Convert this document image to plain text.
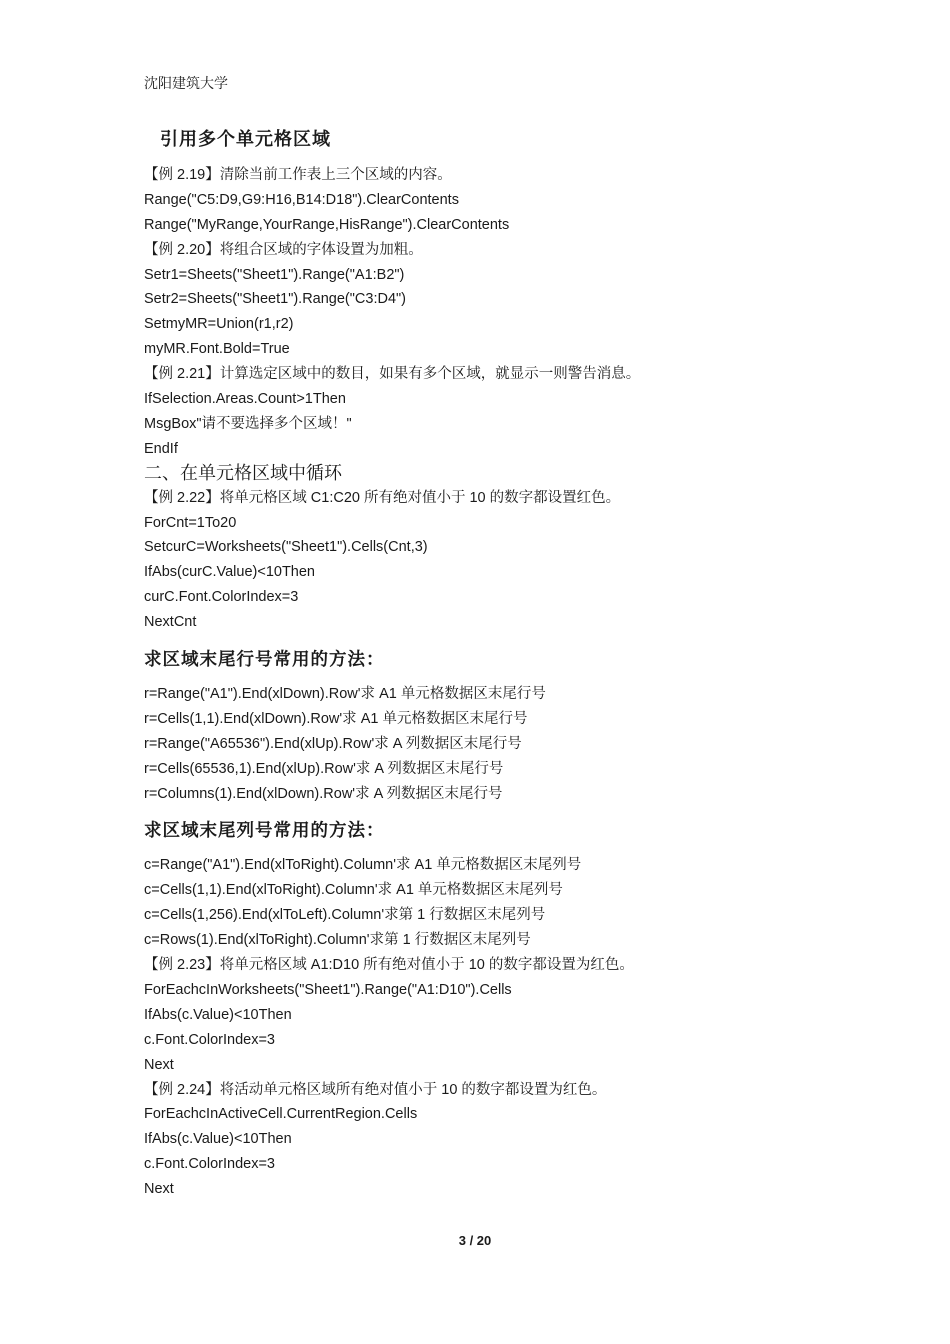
沈阳建筑大学
引用多个单元格区域
【例 2.19】清除当前工作表上三个区域的内容。
Range("C5:D9,G9:H16,B14:D18").ClearContents
Range("MyRange,YourRange,HisRange").ClearContents
【例 2.20】将组合区域的字体设置为加粗。
Setr1=Sheets("Sheet1").Range("A1:B2")
Setr2=Sheets("Sheet1").Range("C3:D4")
SetmyMR=Union(r1,r2)
myMR.Font.Bold=True
【例 2.21】计算选定区域中的数目，如果有多个区域，就显示一则警告消息。
IfSelection.Areas.Count>1Then
MsgBox"请不要选择多个区域！"
EndIf
二、在单元格区域中循环
【例 2.22】将单元格区域 C1:C20 所有绝对值小于 10 的数字都设置红色。
ForCnt=1To20
SetcurC=Worksheets("Sheet1").Cells(Cnt,3)
IfAbs(curC.Value)<10Then
curC.Font.ColorIndex=3
NextCnt
求区域末尾行号常用的方法：
r=Range("A1").End(xlDown).Row'求 A1 单元格数据区末尾行号
r=Cells(1,1).End(xlDown).Row'求 A1 单元格数据区末尾行号
r=Range("A65536").End(xlUp).Row'求 A 列数据区末尾行号
r=Cells(65536,1).End(xlUp).Row'求 A 列数据区末尾行号
r=Columns(1).End(xlDown).Row'求 A 列数据区末尾行号
求区域末尾列号常用的方法：
c=Range("A1").End(xlToRight).Column'求 A1 单元格数据区末尾列号
c=Cells(1,1).End(xlToRight).Column'求 A1 单元格数据区末尾列号
c=Cells(1,256).End(xlToLeft).Column'求第 1 行数据区末尾列号
c=Rows(1).End(xlToRight).Column'求第 1 行数据区末尾列号
【例 2.23】将单元格区域 A1:D10 所有绝对值小于 10 的数字都设置为红色。
ForEachcInWorksheets("Sheet1").Range("A1:D10").Cells
IfAbs(c.Value)<10Then
c.Font.ColorIndex=3
Next
【例 2.24】将活动单元格区域所有绝对值小于 10 的数字都设置为红色。
ForEachcInActiveCell.CurrentRegion.Cells
IfAbs(c.Value)<10Then
c.Font.ColorIndex=3
Next
3 / 20
